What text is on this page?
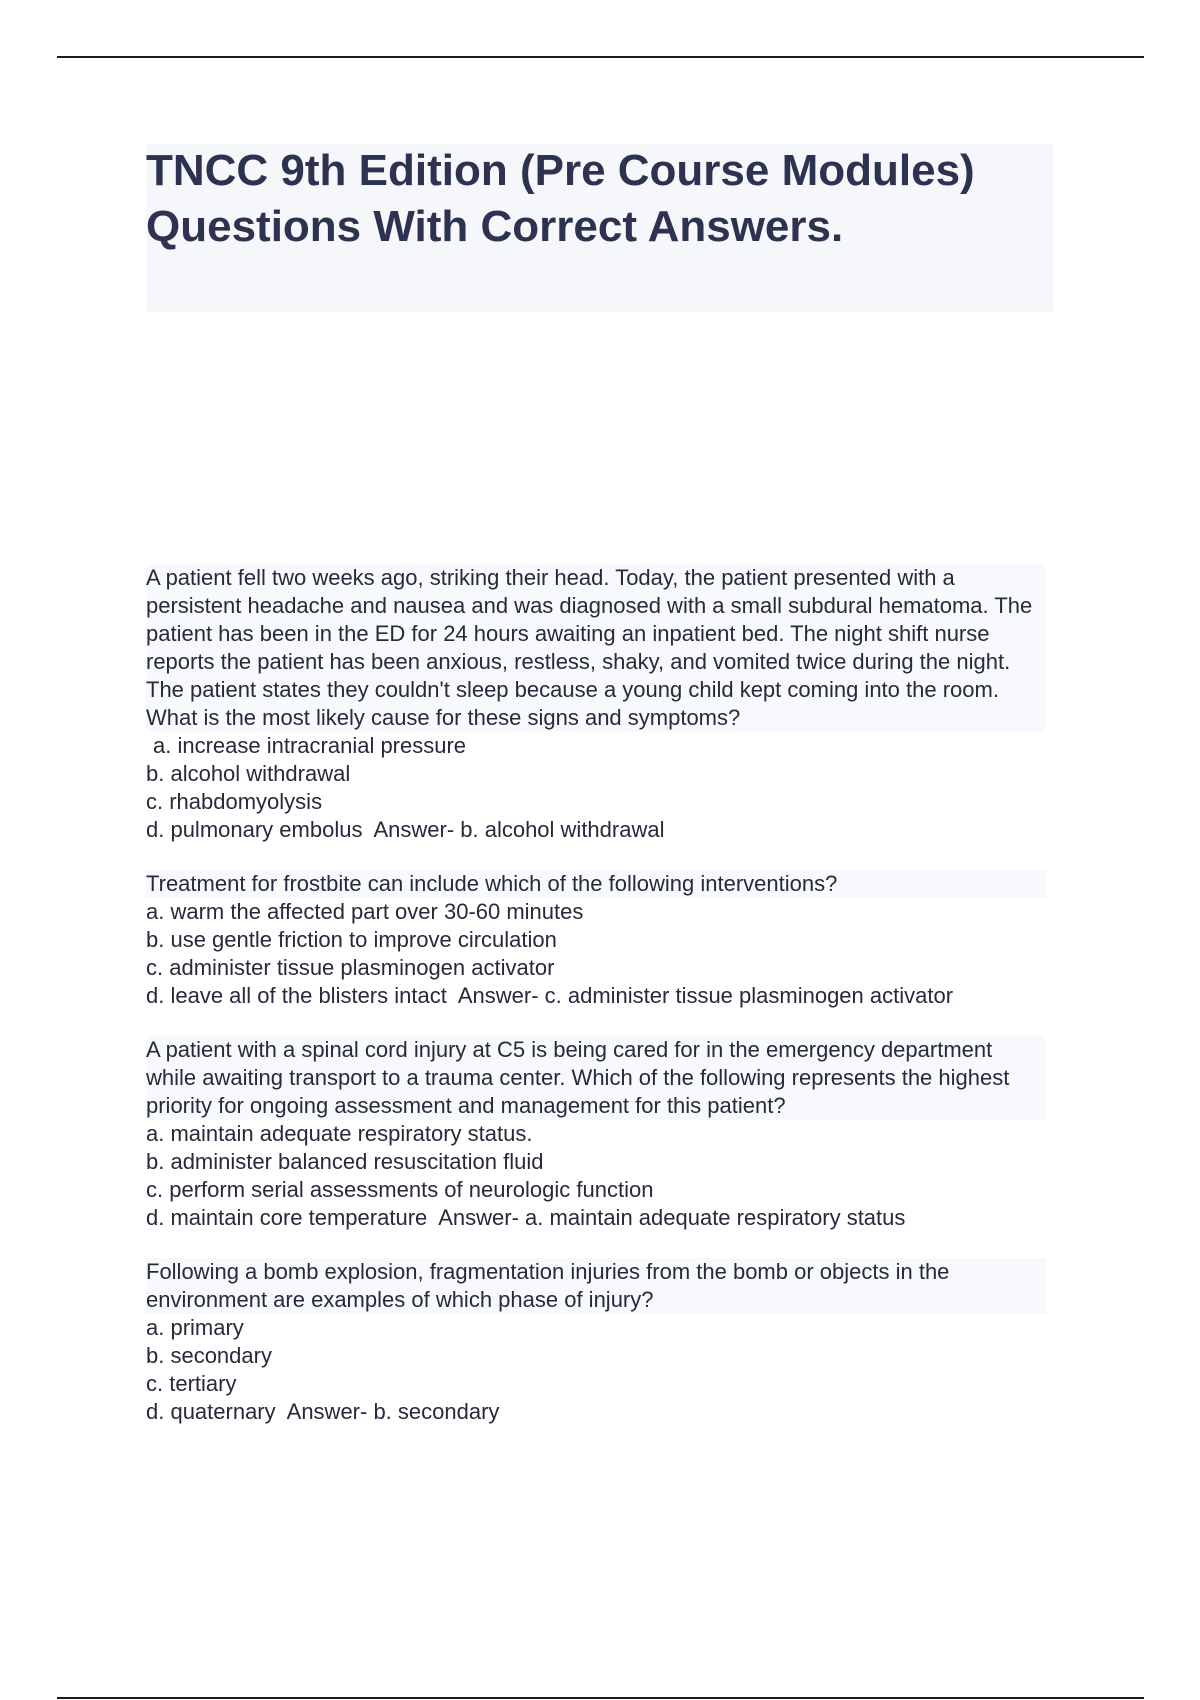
TNCC 9th Edition (Pre Course Modules) Questions With Correct Answers.
A patient fell two weeks ago, striking their head. Today, the patient presented with a persistent headache and nausea and was diagnosed with a small subdural hematoma. The patient has been in the ED for 24 hours awaiting an inpatient bed. The night shift nurse reports the patient has been anxious, restless, shaky, and vomited twice during the night. The patient states they couldn't sleep because a young child kept coming into the room. What is the most likely cause for these signs and symptoms?
a. increase intracranial pressure
b. alcohol withdrawal
c. rhabdomyolysis
d. pulmonary embolus  Answer- b. alcohol withdrawal
Treatment for frostbite can include which of the following interventions?
a. warm the affected part over 30-60 minutes
b. use gentle friction to improve circulation
c. administer tissue plasminogen activator
d. leave all of the blisters intact  Answer- c. administer tissue plasminogen activator
A patient with a spinal cord injury at C5 is being cared for in the emergency department while awaiting transport to a trauma center. Which of the following represents the highest priority for ongoing assessment and management for this patient?
a. maintain adequate respiratory status.
b. administer balanced resuscitation fluid
c. perform serial assessments of neurologic function
d. maintain core temperature  Answer- a. maintain adequate respiratory status
Following a bomb explosion, fragmentation injuries from the bomb or objects in the environment are examples of which phase of injury?
a. primary
b. secondary
c. tertiary
d. quaternary  Answer- b. secondary
